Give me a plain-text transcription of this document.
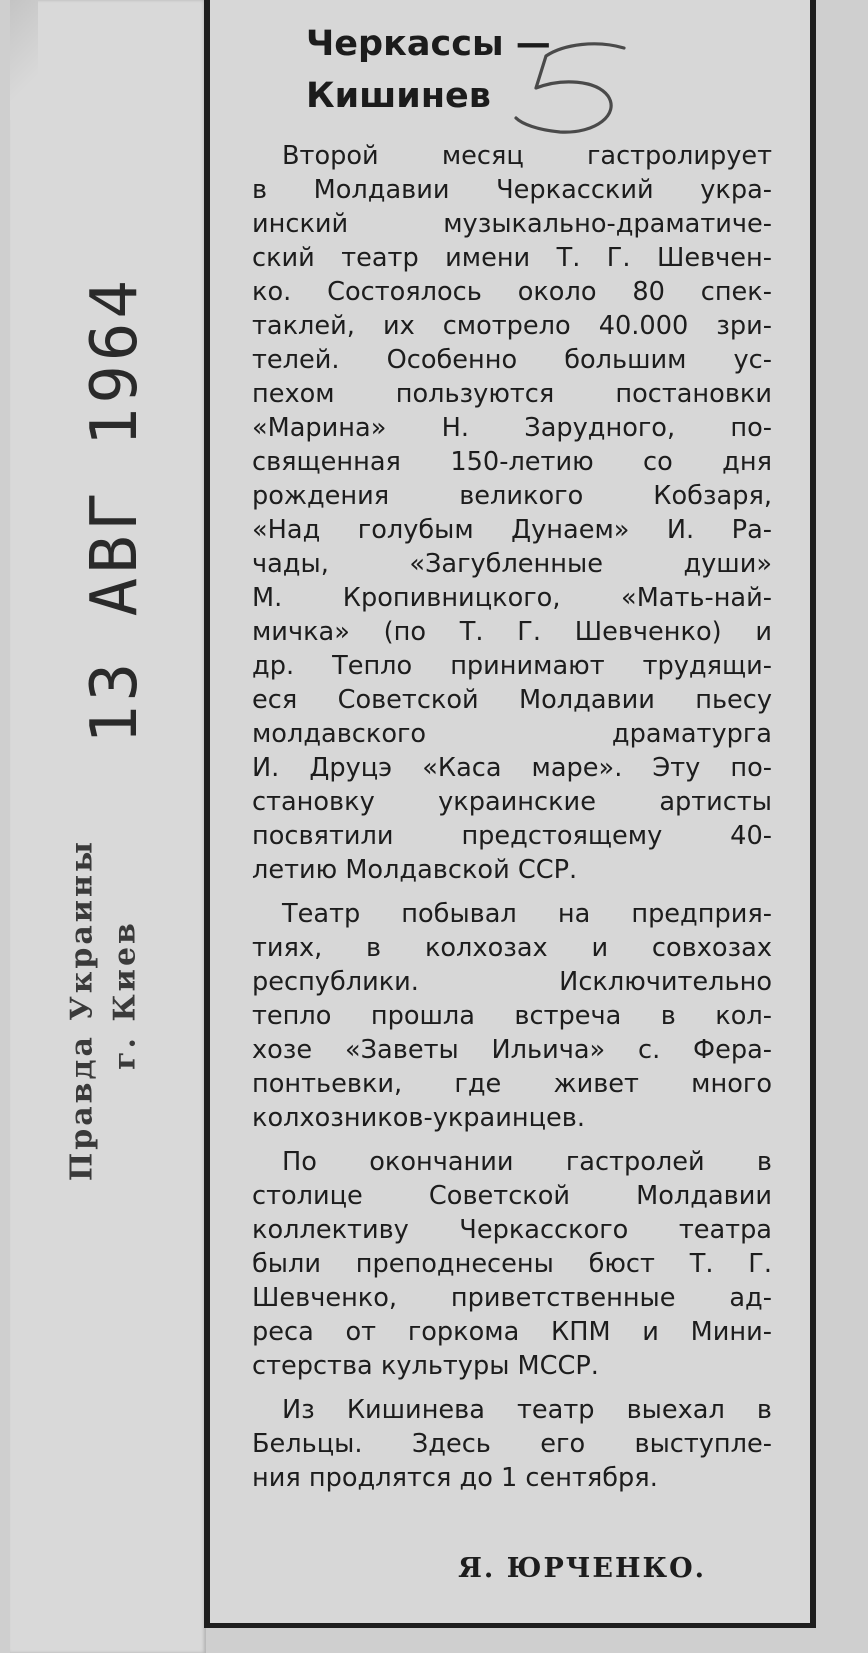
13 АВГ 1964
Правда Украины г. Киев
Черкассы —
Кишинев

Второй месяц гастролирует
в Молдавии Черкасский укра-
инский музыкально-драматиче-
ский театр имени Т. Г. Шевчен-
ко. Состоялось около 80 спек-
таклей, их смотрело 40.000 зри-
телей. Особенно большим ус-
пехом пользуются постановки
«Марина» Н. Зарудного, по-
священная 150-летию со дня
рождения великого Кобзаря,
«Над голубым Дунаем» И. Ра-
чады, «Загубленные души»
М. Кропивницкого, «Мать-най-
мичка» (по Т. Г. Шевченко) и
др. Тепло принимают трудящи-
еся Советской Молдавии пьесу
молдавского драматурга
И. Друцэ «Каса маре». Эту по-
становку украинские артисты
посвятили предстоящему 40-
летию Молдавской ССР.

Театр побывал на предприя-
тиях, в колхозах и совхозах
республики. Исключительно
тепло прошла встреча в кол-
хозе «Заветы Ильича» с. Фера-
понтьевки, где живет много
колхозников-украинцев.

По окончании гастролей в
столице Советской Молдавии
коллективу Черкасского театра
были преподнесены бюст Т. Г.
Шевченко, приветственные ад-
реса от горкома КПМ и Мини-
стерства культуры МССР.

Из Кишинева театр выехал в
Бельцы. Здесь его выступле-
ния продлятся до 1 сентября.

Я. ЮРЧЕНКО.
